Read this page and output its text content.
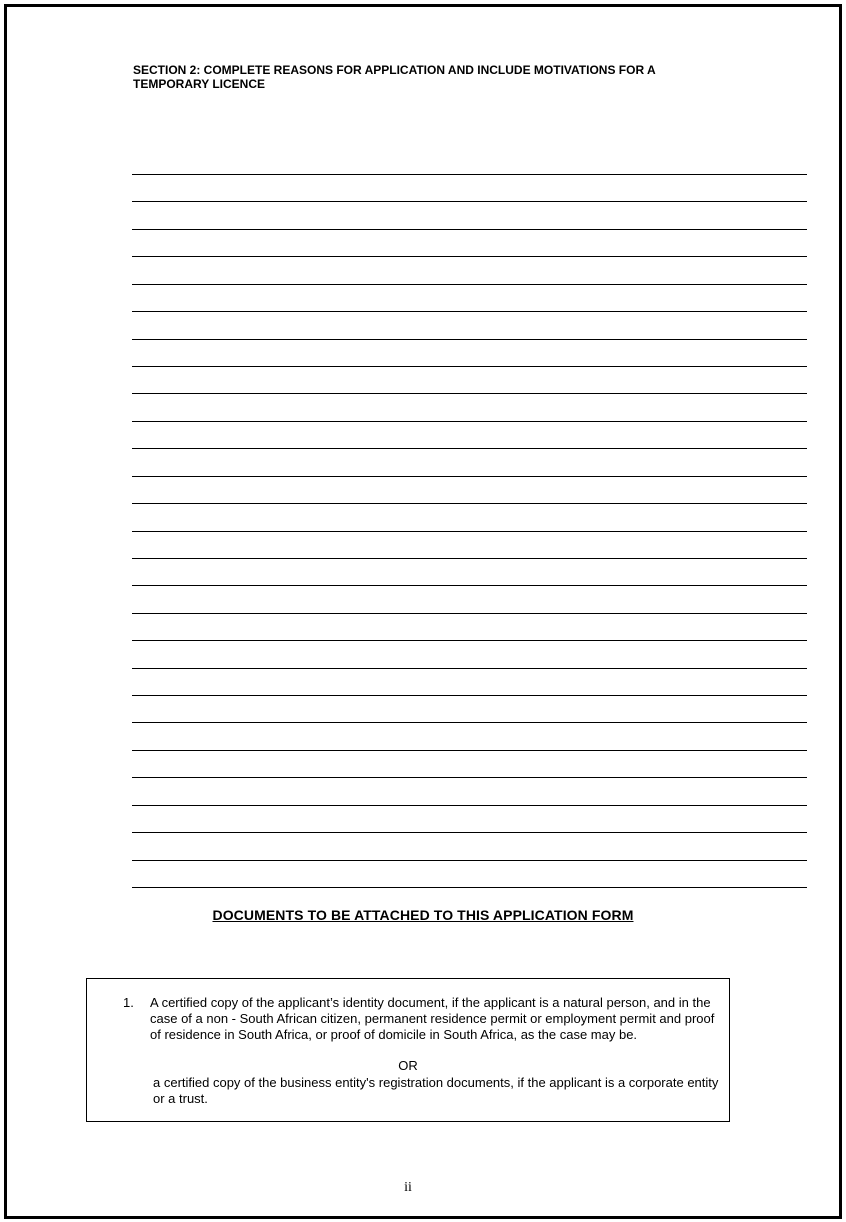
SECTION 2: COMPLETE REASONS FOR APPLICATION AND INCLUDE MOTIVATIONS FOR A TEMPORARY LICENCE
DOCUMENTS TO BE ATTACHED TO THIS APPLICATION FORM
1. A certified copy of the applicant’s identity document, if the applicant is a natural person, and in the case of a non - South African citizen, permanent residence permit or employment permit and proof of residence in South Africa, or proof of domicile in South Africa, as the case may be.
OR
a certified copy of the business entity's registration documents, if the applicant is a corporate entity or a trust.
ii
